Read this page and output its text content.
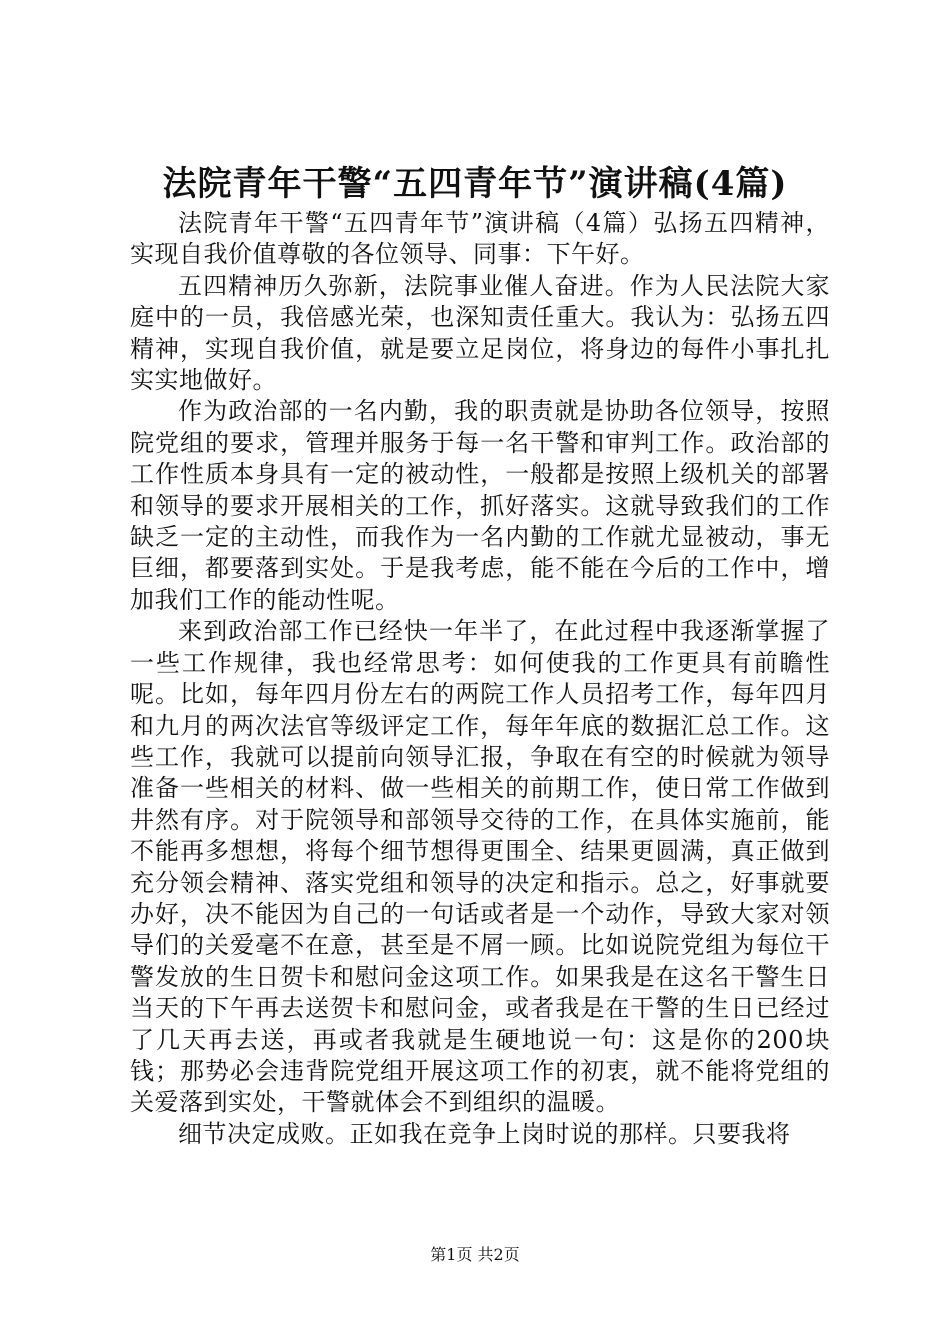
法院青年干警“五四青年节”演讲稿(4篇)

法院青年干警“五四青年节”演讲稿（4篇）弘扬五四精神，实现自我价值尊敬的各位领导、同事：下午好。

五四精神历久弥新，法院事业催人奋进。作为人民法院大家庭中的一员，我倍感光荣，也深知责任重大。我认为：弘扬五四精神，实现自我价值，就是要立足岗位，将身边的每件小事扎扎实实地做好。

作为政治部的一名内勤，我的职责就是协助各位领导，按照院党组的要求，管理并服务于每一名干警和审判工作。政治部的工作性质本身具有一定的被动性，一般都是按照上级机关的部署和领导的要求开展相关的工作，抓好落实。这就导致我们的工作缺乏一定的主动性，而我作为一名内勤的工作就尤显被动，事无巨细，都要落到实处。于是我考虑，能不能在今后的工作中，增加我们工作的能动性呢。

来到政治部工作已经快一年半了，在此过程中我逐渐掌握了一些工作规律，我也经常思考：如何使我的工作更具有前瞻性呢。比如，每年四月份左右的两院工作人员招考工作，每年四月和九月的两次法官等级评定工作，每年年底的数据汇总工作。这些工作，我就可以提前向领导汇报，争取在有空的时候就为领导准备一些相关的材料、做一些相关的前期工作，使日常工作做到井然有序。对于院领导和部领导交待的工作，在具体实施前，能不能再多想想，将每个细节想得更围全、结果更圆满，真正做到充分领会精神、落实党组和领导的决定和指示。总之，好事就要办好，决不能因为自己的一句话或者是一个动作，导致大家对领导们的关爱毫不在意，甚至是不屑一顾。比如说院党组为每位干警发放的生日贺卡和慰问金这项工作。如果我是在这名干警生日当天的下午再去送贺卡和慰问金，或者我是在干警的生日已经过了几天再去送，再或者我就是生硬地说一句：这是你的200块钱；那势必会违背院党组开展这项工作的初衷，就不能将党组的关爱落到实处，干警就体会不到组织的温暖。

细节决定成败。正如我在竞争上岗时说的那样。只要我将

第1页 共2页
